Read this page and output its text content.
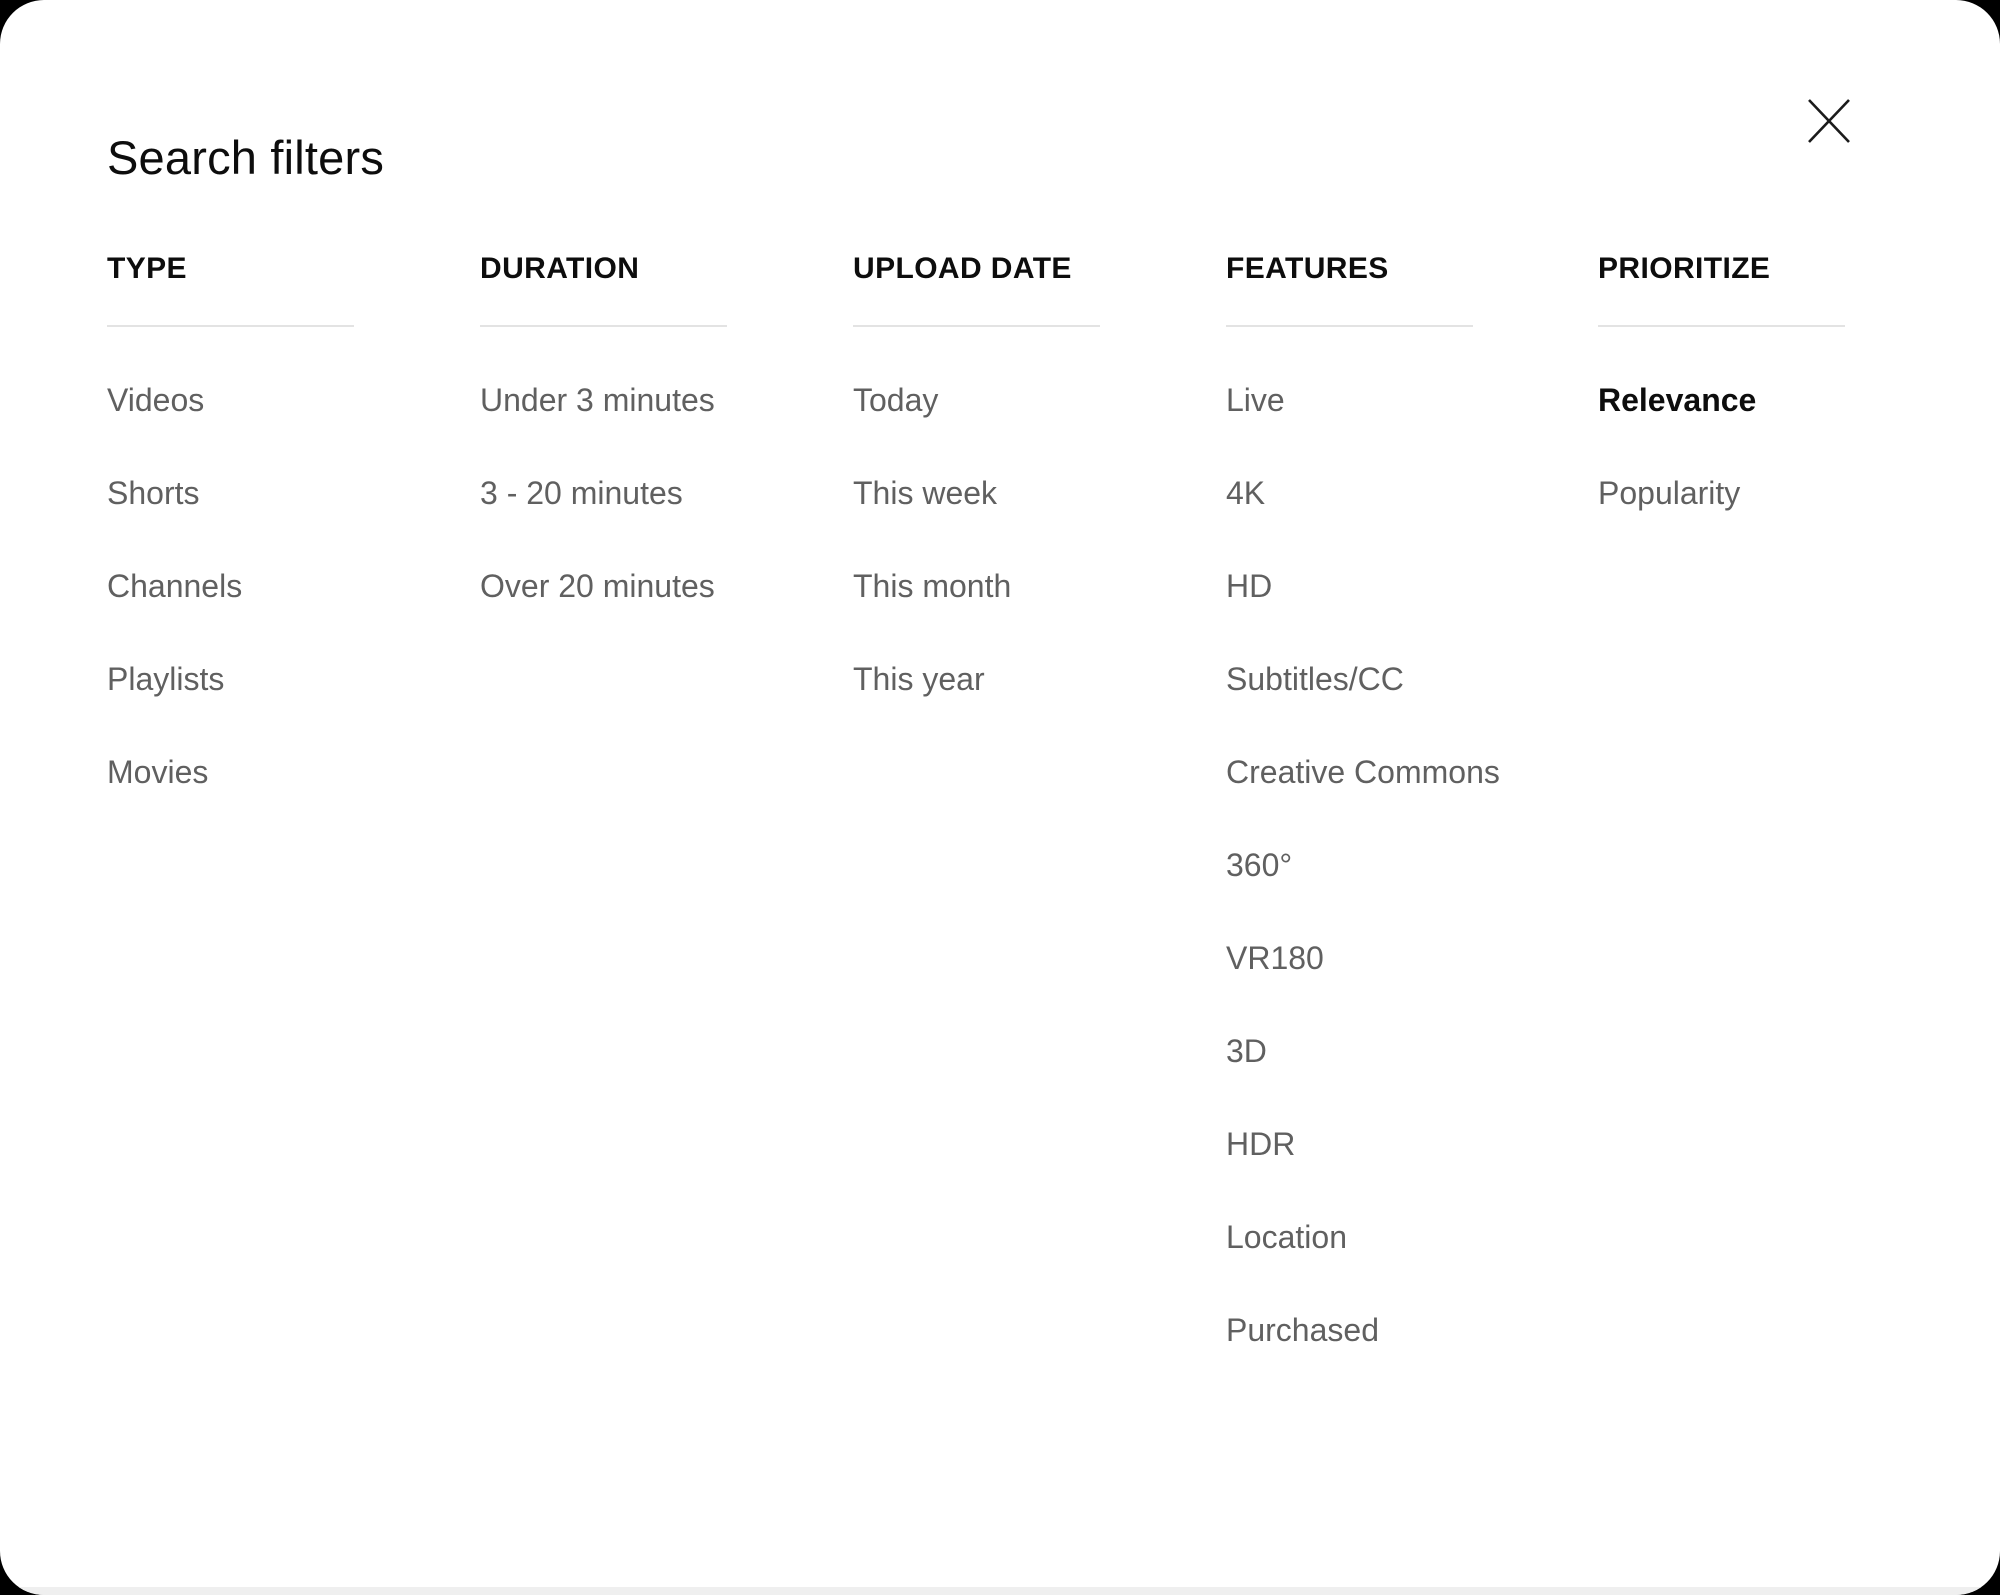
Search filters
TYPE
Videos
Shorts
Channels
Playlists
Movies
DURATION
Under 3 minutes
3 - 20 minutes
Over 20 minutes
UPLOAD DATE
Today
This week
This month
This year
FEATURES
Live
4K
HD
Subtitles/CC
Creative Commons
360°
VR180
3D
HDR
Location
Purchased
PRIORITIZE
Relevance
Popularity
